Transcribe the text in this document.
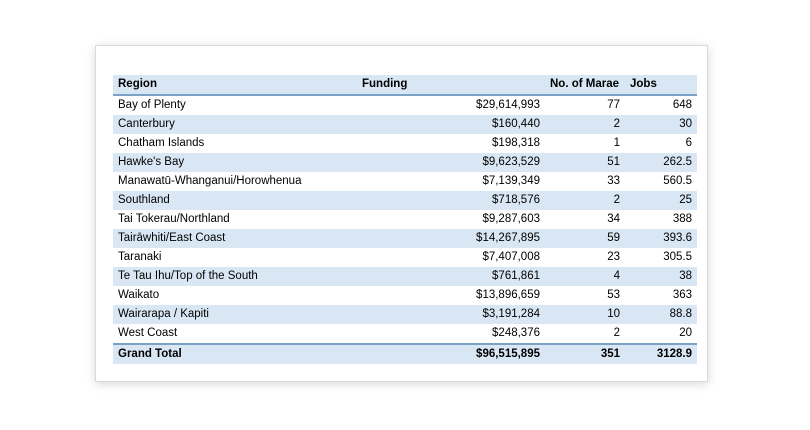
Region	Funding	No. of Marae	Jobs
Bay of Plenty	$29,614,993	77	648
Canterbury	$160,440	2	30
Chatham Islands	$198,318	1	6
Hawke's Bay	$9,623,529	51	262.5
Manawatū-Whanganui/Horowhenua	$7,139,349	33	560.5
Southland	$718,576	2	25
Tai Tokerau/Northland	$9,287,603	34	388
Tairāwhiti/East Coast	$14,267,895	59	393.6
Taranaki	$7,407,008	23	305.5
Te Tau Ihu/Top of the South	$761,861	4	38
Waikato	$13,896,659	53	363
Wairarapa / Kapiti	$3,191,284	10	88.8
West Coast	$248,376	2	20
Grand Total	$96,515,895	351	3128.9
